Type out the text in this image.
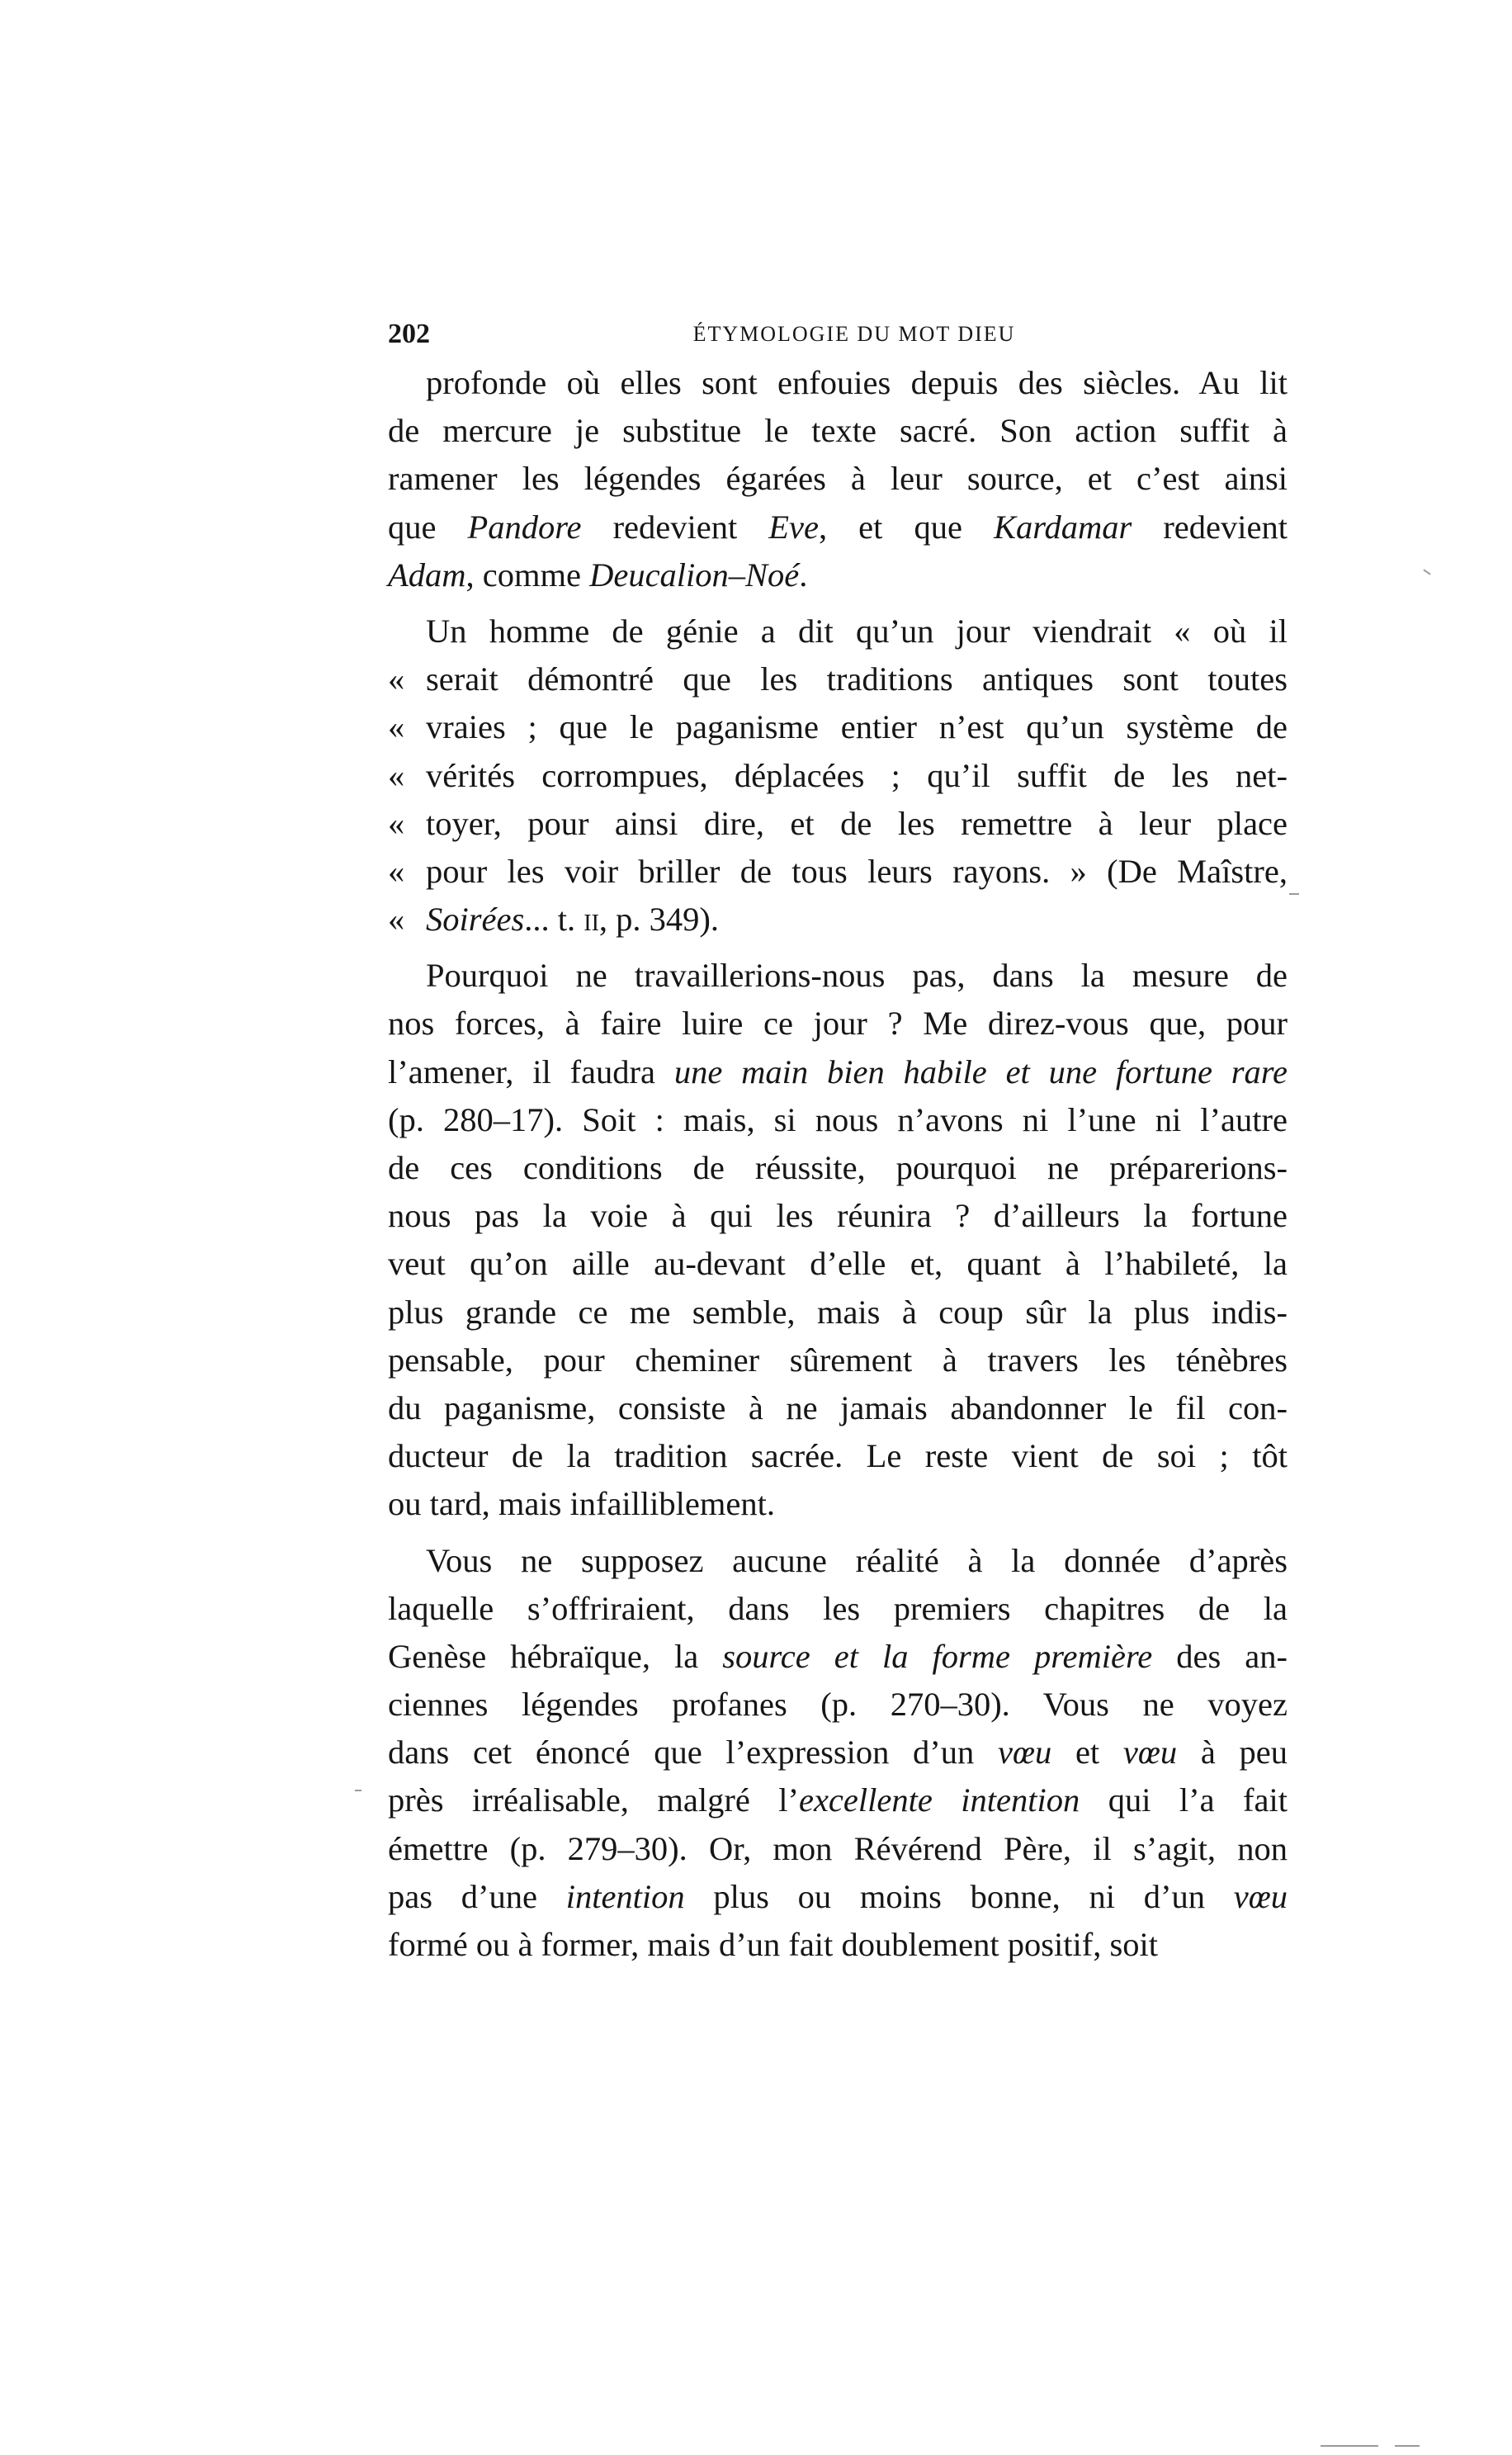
202	ÉTYMOLOGIE DU MOT DIEU
profonde où elles sont enfouies depuis des siècles. Au lit
de mercure je substitue le texte sacré. Son action suffit à
ramener les légendes égarées à leur source, et c’est ainsi
que Pandore redevient Eve, et que Kardamar redevient
Adam, comme Deucalion–Noé.
Un homme de génie a dit qu’un jour viendrait « où il
« serait démontré que les traditions antiques sont toutes
« vraies ; que le paganisme entier n’est qu’un système de
« vérités corrompues, déplacées ; qu’il suffit de les net-
« toyer, pour ainsi dire, et de les remettre à leur place
« pour les voir briller de tous leurs rayons. » (De Maîstre,
« Soirées... t. ii, p. 349).
Pourquoi ne travaillerions-nous pas, dans la mesure de
nos forces, à faire luire ce jour ? Me direz-vous que, pour
l’amener, il faudra une main bien habile et une fortune rare
(p. 280–17). Soit : mais, si nous n’avons ni l’une ni l’autre
de ces conditions de réussite, pourquoi ne préparerions-
nous pas la voie à qui les réunira ? d’ailleurs la fortune
veut qu’on aille au-devant d’elle et, quant à l’habileté, la
plus grande ce me semble, mais à coup sûr la plus indis-
pensable, pour cheminer sûrement à travers les ténèbres
du paganisme, consiste à ne jamais abandonner le fil con-
ducteur de la tradition sacrée. Le reste vient de soi ; tôt
ou tard, mais infailliblement.
Vous ne supposez aucune réalité à la donnée d’après
laquelle s’offriraient, dans les premiers chapitres de la
Genèse hébraïque, la source et la forme première des an-
ciennes légendes profanes (p. 270–30). Vous ne voyez
dans cet énoncé que l’expression d’un vœu et vœu à peu
près irréalisable, malgré l’excellente intention qui l’a fait
émettre (p. 279–30). Or, mon Révérend Père, il s’agit, non
pas d’une intention plus ou moins bonne, ni d’un vœu
formé ou à former, mais d’un fait doublement positif, soit
